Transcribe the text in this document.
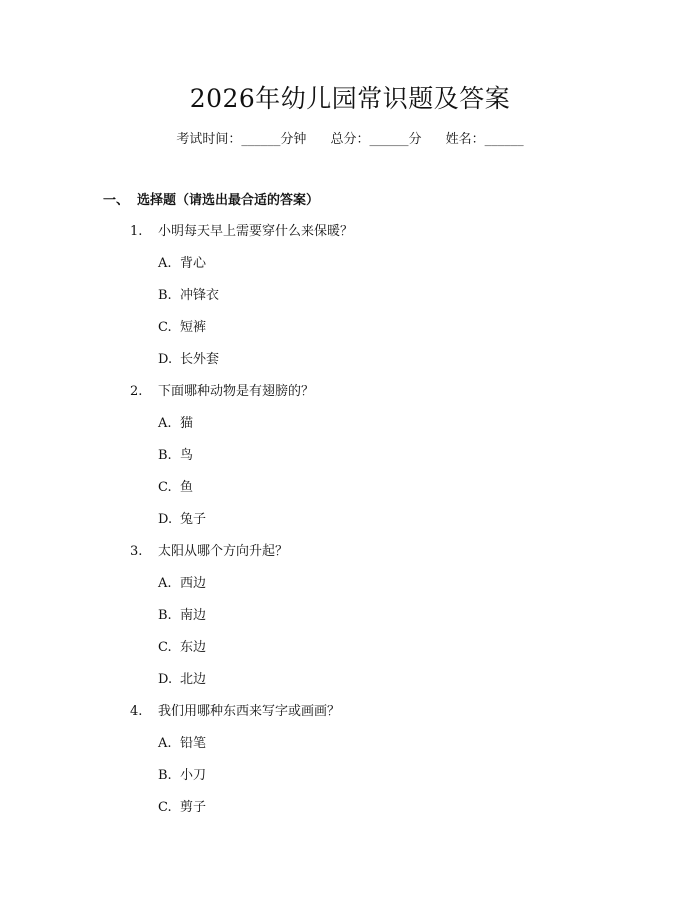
2026年幼儿园常识题及答案
考试时间：______分钟 总分：______分 姓名：______
一、 选择题（请选出最合适的答案）
1. 小明每天早上需要穿什么来保暖？
A. 背心
B. 冲锋衣
C. 短裤
D. 长外套
2. 下面哪种动物是有翅膀的？
A. 猫
B. 鸟
C. 鱼
D. 兔子
3. 太阳从哪个方向升起？
A. 西边
B. 南边
C. 东边
D. 北边
4. 我们用哪种东西来写字或画画？
A. 铅笔
B. 小刀
C. 剪子
